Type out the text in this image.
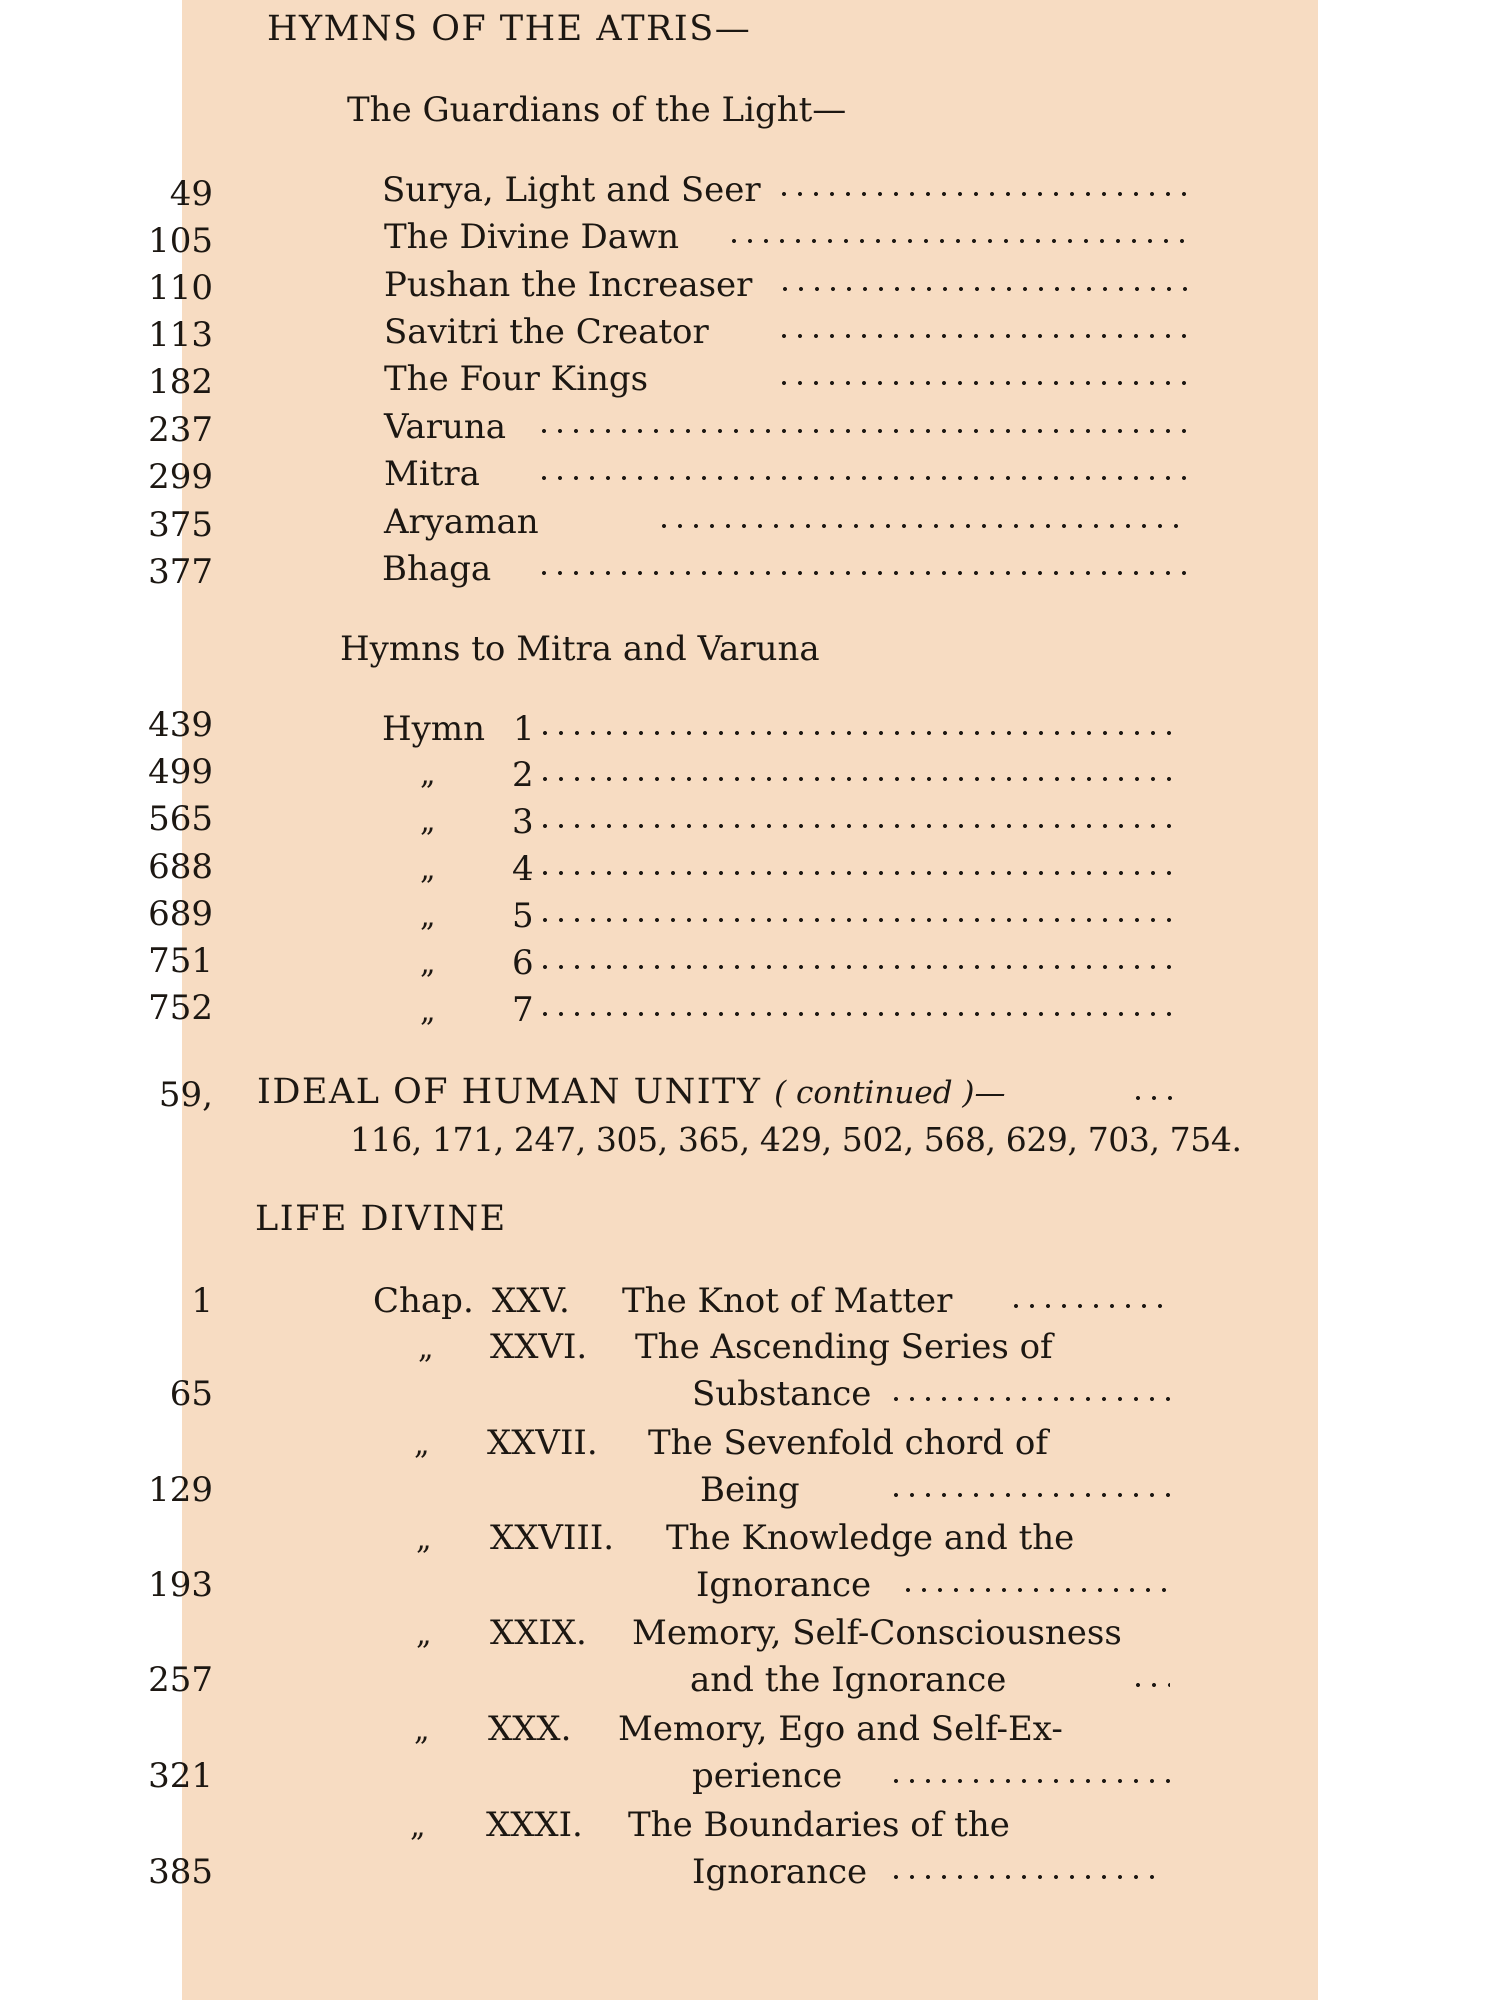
HYMNS OF THE ATRIS—
The Guardians of the Light—
Surya, Light and Seer
49
The Divine Dawn
105
Pushan the Increaser
110
Savitri the Creator
113
The Four Kings
182
Varuna
237
Mitra
299
Aryaman
375
Bhaga
377
Hymns to Mitra and Varuna
Hymn 1
439
„ 2
499
„ 3
565
„ 4
688
„ 5
689
„ 6
751
„ 7
752
IDEAL OF HUMAN UNITY ( continued )—
59,
116, 171, 247, 305, 365, 429, 502, 568, 629, 703, 754.
LIFE DIVINE
Chap. XXV. The Knot of Matter
1
„ XXVI. The Ascending Series of
Substance
65
„ XXVII. The Sevenfold chord of
Being
129
„ XXVIII. The Knowledge and the
Ignorance
193
„ XXIX. Memory, Self-Consciousness
and the Ignorance
257
„ XXX. Memory, Ego and Self-Ex-
perience
321
„ XXXI. The Boundaries of the
Ignorance
385
